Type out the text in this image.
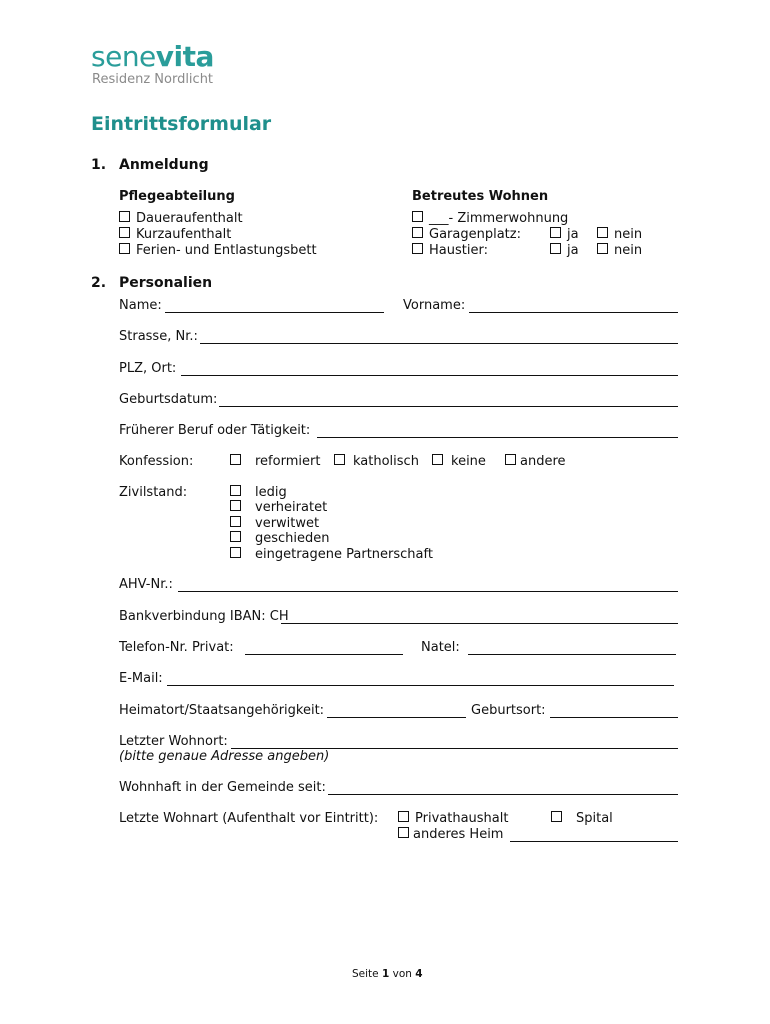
senevita
Residenz Nordlicht
Eintrittsformular
1. Anmeldung
Pflegeabteilung
Daueraufenthalt
Kurzaufenthalt
Ferien- und Entlastungsbett
Betreutes Wohnen
___- Zimmerwohnung
Garagenplatz:	ja	nein
Haustier:	ja	nein
2. Personalien
Name:	Vorname:
Strasse, Nr.:
PLZ, Ort:
Geburtsdatum:
Früherer Beruf oder Tätigkeit:
Konfession:	reformiert	katholisch	keine	andere
Zivilstand:	ledig
verheiratet
verwitwet
geschieden
eingetragene Partnerschaft
AHV-Nr.:
Bankverbindung IBAN: CH
Telefon-Nr. Privat:	Natel:
E-Mail:
Heimatort/Staatsangehörigkeit:	Geburtsort:
Letzter Wohnort:
(bitte genaue Adresse angeben)
Wohnhaft in der Gemeinde seit:
Letzte Wohnart (Aufenthalt vor Eintritt):	Privathaushalt	Spital
anderes Heim
Seite 1 von 4
